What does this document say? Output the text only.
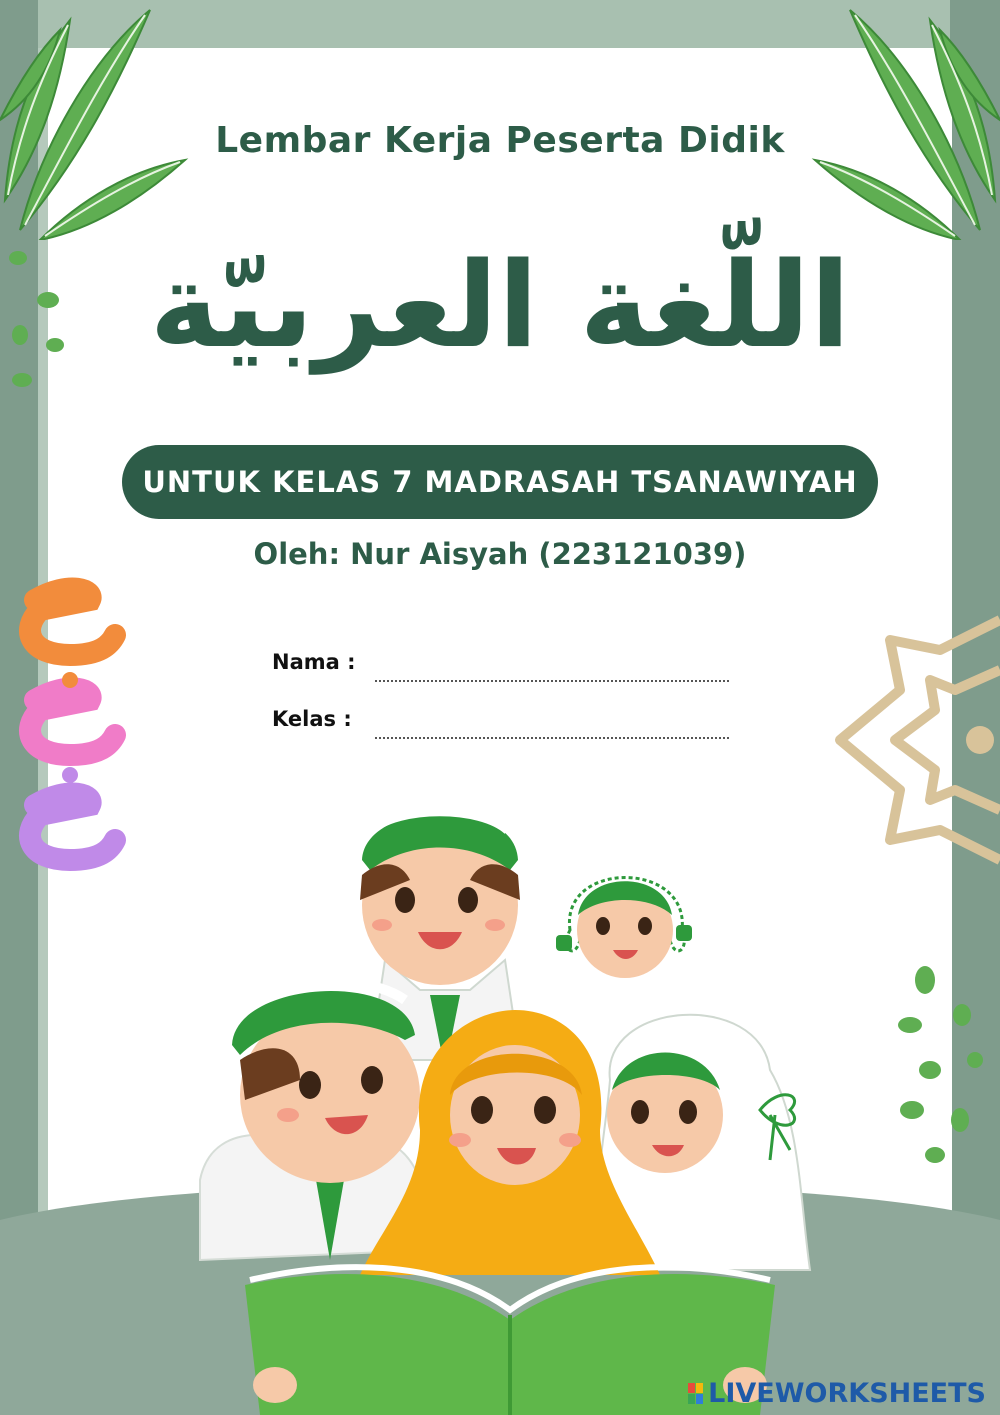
Lembar Kerja Peserta Didik
اللّغة العربيّة
UNTUK KELAS 7 MADRASAH TSANAWIYAH
Oleh: Nur Aisyah (223121039)
Nama :
Kelas :
LIVEWORKSHEETS
